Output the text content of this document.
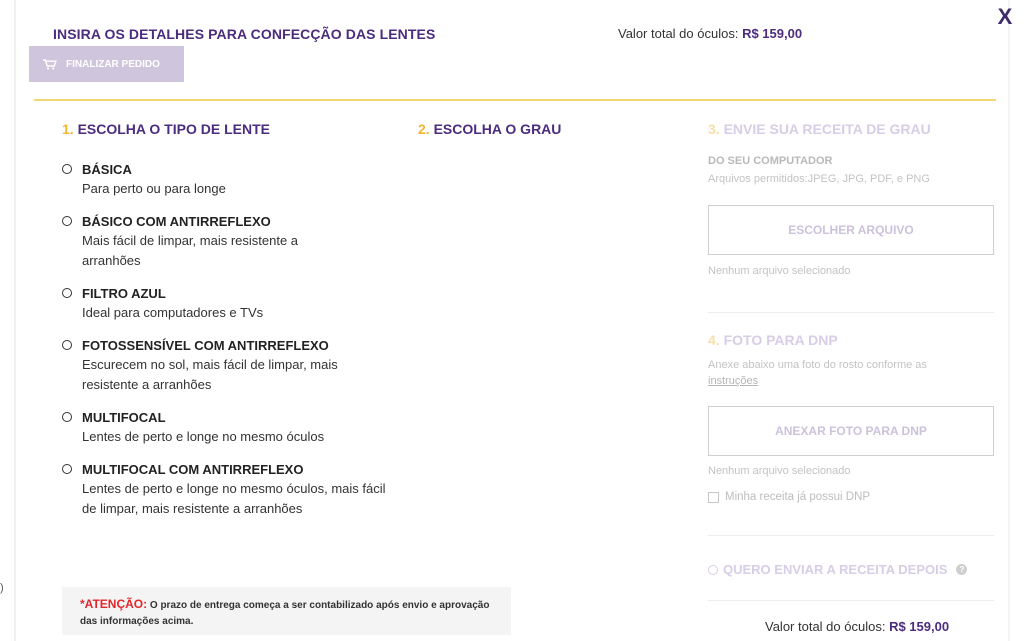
)
X
INSIRA OS DETALHES PARA CONFECÇÃO DAS LENTES	Valor total do óculos: R$ 159,00
FINALIZAR PEDIDO
1. ESCOLHA O TIPO DE LENTE	2. ESCOLHA O GRAU	3. ENVIE SUA RECEITA DE GRAU
BÁSICA
Para perto ou para longe
BÁSICO COM ANTIRREFLEXO
Mais fácil de limpar, mais resistente a arranhões
FILTRO AZUL
Ideal para computadores e TVs
FOTOSSENSÍVEL COM ANTIRREFLEXO
Escurecem no sol, mais fácil de limpar, mais resistente a arranhões
MULTIFOCAL
Lentes de perto e longe no mesmo óculos
MULTIFOCAL COM ANTIRREFLEXO
Lentes de perto e longe no mesmo óculos, mais fácil de limpar, mais resistente a arranhões
*ATENÇÃO: O prazo de entrega começa a ser contabilizado após envio e aprovação das informações acima.
DO SEU COMPUTADOR
Arquivos permitidos:JPEG, JPG, PDF, e PNG
ESCOLHER ARQUIVO
Nenhum arquivo selecionado
4. FOTO PARA DNP
Anexe abaixo uma foto do rosto conforme as instruções
ANEXAR FOTO PARA DNP
Nenhum arquivo selecionado
Minha receita já possui DNP
QUERO ENVIAR A RECEITA DEPOIS	?
Valor total do óculos: R$ 159,00
